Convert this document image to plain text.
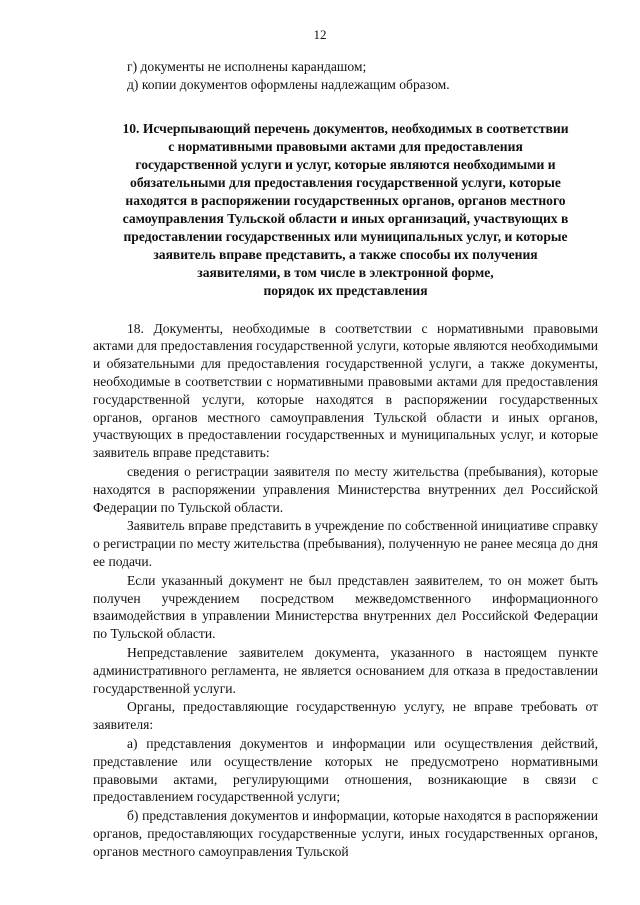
12

г) документы не исполнены карандашом;

д) копии документов оформлены надлежащим образом.

10. Исчерпывающий перечень документов, необходимых в соответствии
с нормативными правовыми актами для предоставления
государственной услуги и услуг, которые являются необходимыми и
обязательными для предоставления государственной услуги, которые
находятся в распоряжении государственных органов, органов местного
самоуправления Тульской области и иных организаций, участвующих в
предоставлении государственных или муниципальных услуг, и которые
заявитель вправе представить, а также способы их получения
заявителями, в том числе в электронной форме,
порядок их представления

18. Документы, необходимые в соответствии с нормативными правовыми актами для предоставления государственной услуги, которые являются необходимыми и обязательными для предоставления государственной услуги, а также документы, необходимые в соответствии с нормативными правовыми актами для предоставления государственной услуги, которые находятся в распоряжении государственных органов, органов местного самоуправления Тульской области и иных органов, участвующих в предоставлении государственных и муниципальных услуг, и которые заявитель вправе представить:

сведения о регистрации заявителя по месту жительства (пребывания), которые находятся в распоряжении управления Министерства внутренних дел Российской Федерации по Тульской области.

Заявитель вправе представить в учреждение по собственной инициативе справку о регистрации по месту жительства (пребывания), полученную не ранее месяца до дня ее подачи.

Если указанный документ не был представлен заявителем, то он может быть получен учреждением посредством межведомственного информационного взаимодействия в управлении Министерства внутренних дел Российской Федерации по Тульской области.

Непредставление заявителем документа, указанного в настоящем пункте административного регламента, не является основанием для отказа в предоставлении государственной услуги.

Органы, предоставляющие государственную услугу, не вправе требовать от заявителя:

а) представления документов и информации или осуществления действий, представление или осуществление которых не предусмотрено нормативными правовыми актами, регулирующими отношения, возникающие в связи с предоставлением государственной услуги;

б) представления документов и информации, которые находятся в распоряжении органов, предоставляющих государственные услуги, иных государственных органов, органов местного самоуправления Тульской
